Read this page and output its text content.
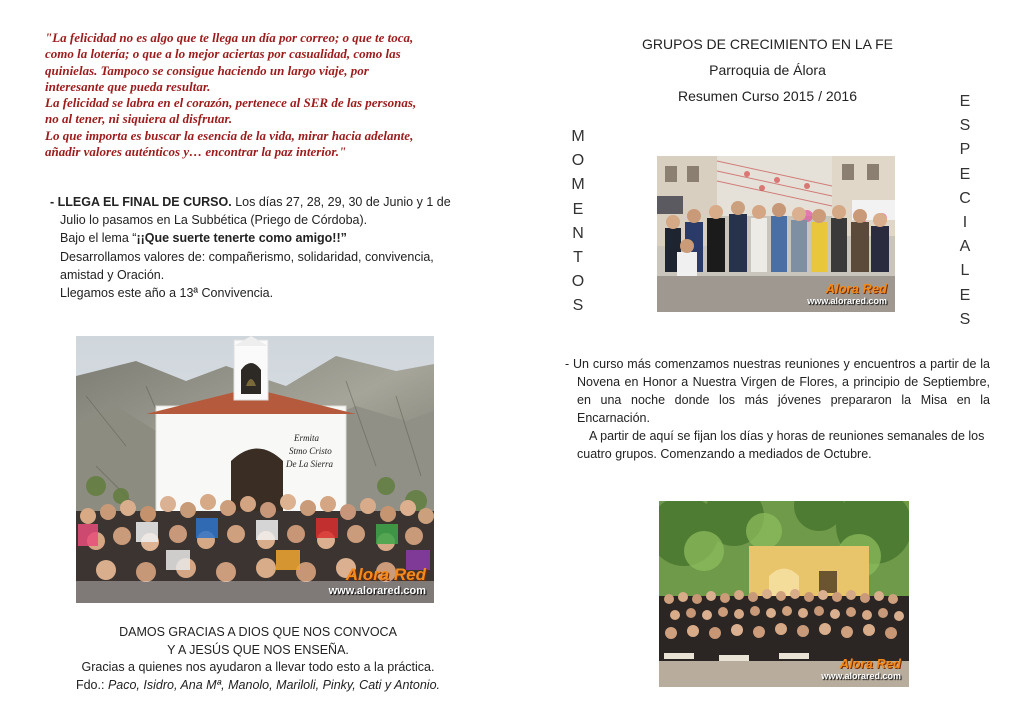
"La felicidad no es algo que te llega un día por correo; o que te toca,
como la lotería; o que a lo mejor aciertas por casualidad, como las
quinielas. Tampoco se consigue haciendo un largo viaje, por
interesante que pueda resultar.
La felicidad se labra en el corazón, pertenece al SER de las personas,
no al tener, ni siquiera al disfrutar.
Lo que importa es buscar la esencia de la vida, mirar hacia adelante,
añadir valores auténticos y… encontrar la paz interior."

- LLEGA EL FINAL DE CURSO. Los días 27, 28, 29, 30 de Junio y 1 de

Julio lo pasamos en La Subbética (Priego de Córdoba).

Bajo el lema “¡¡Que suerte tenerte como amigo!!”

Desarrollamos valores de: compañerismo, solidaridad, convivencia,

amistad y Oración.

Llegamos este año a 13ª Convivencia.

Ermita
Stmo Cristo
De La Sierra
Alora Red
www.alorared.com

DAMOS GRACIAS A DIOS QUE NOS CONVOCA

Y A JESÚS QUE NOS ENSEÑA.

Gracias a quienes nos ayudaron a llevar todo esto a la práctica.

Fdo.: Paco, Isidro, Ana Mª, Manolo, Mariloli, Pinky, Cati y Antonio.

GRUPOS DE CRECIMIENTO EN LA FE

Parroquia de Álora

Resumen Curso 2015 / 2016

M
O
M
E
N
T
O
S
E
S
P
E
C
I
A
L
E
S
Alora Red
www.alorared.com

- Un curso más comenzamos nuestras reuniones y encuentros a partir de la Novena en Honor a Nuestra Virgen de Flores, a principio de Septiembre, en una noche donde los más jóvenes prepararon la Misa en la Encarnación.

A partir de aquí se fijan los días y horas de reuniones semanales de los cuatro grupos. Comenzando a mediados de Octubre.

Alora Red
www.alorared.com
